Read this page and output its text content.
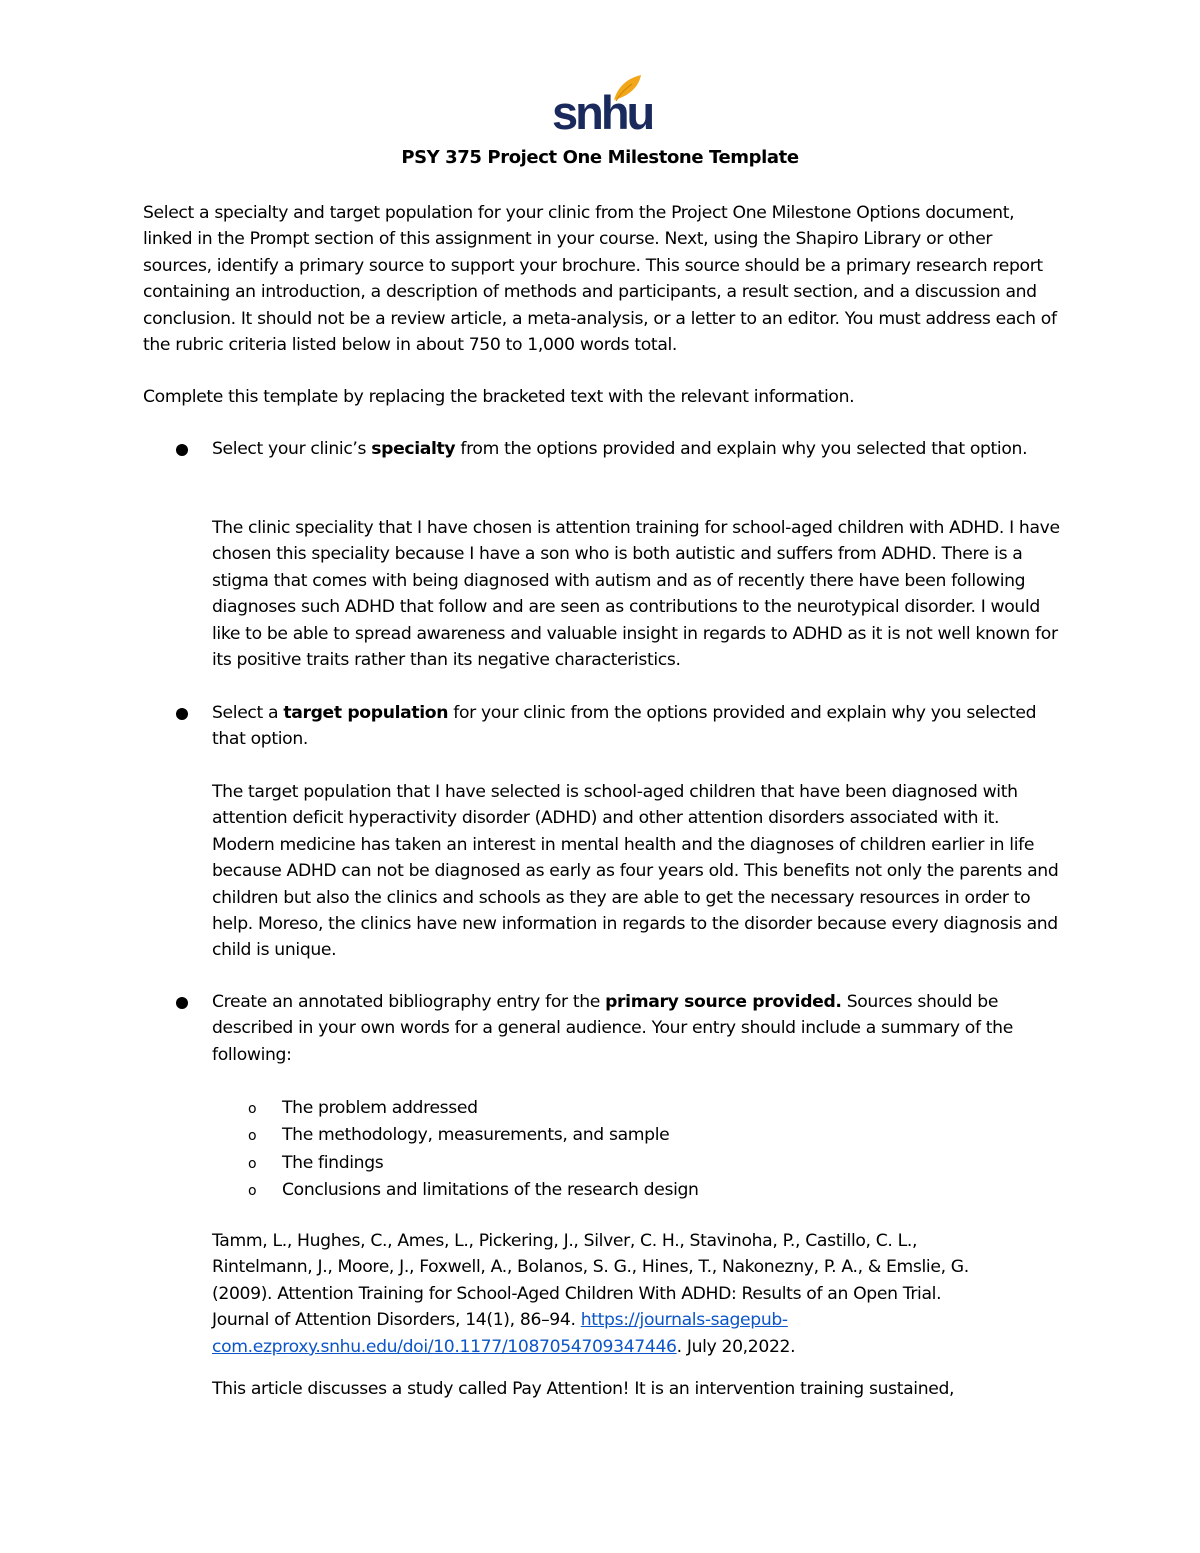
snhu
PSY 375 Project One Milestone Template

Select a specialty and target population for your clinic from the Project One Milestone Options document, linked in the Prompt section of this assignment in your course. Next, using the Shapiro Library or other sources, identify a primary source to support your brochure. This source should be a primary research report containing an introduction, a description of methods and participants, a result section, and a discussion and conclusion. It should not be a review article, a meta-analysis, or a letter to an editor. You must address each of the rubric criteria listed below in about 750 to 1,000 words total.

Complete this template by replacing the bracketed text with the relevant information.

Select your clinic’s specialty from the options provided and explain why you selected that option.

The clinic speciality that I have chosen is attention training for school-aged children with ADHD. I have chosen this speciality because I have a son who is both autistic and suffers from ADHD. There is a stigma that comes with being diagnosed with autism and as of recently there have been following diagnoses such ADHD that follow and are seen as contributions to the neurotypical disorder. I would like to be able to spread awareness and valuable insight in regards to ADHD as it is not well known for its positive traits rather than its negative characteristics.

Select a target population for your clinic from the options provided and explain why you selected that option.

The target population that I have selected is school-aged children that have been diagnosed with attention deficit hyperactivity disorder (ADHD) and other attention disorders associated with it. Modern medicine has taken an interest in mental health and the diagnoses of children earlier in life because ADHD can not be diagnosed as early as four years old. This benefits not only the parents and children but also the clinics and schools as they are able to get the necessary resources in order to help. Moreso, the clinics have new information in regards to the disorder because every diagnosis and child is unique.

Create an annotated bibliography entry for the primary source provided. Sources should be described in your own words for a general audience. Your entry should include a summary of the following:

o The problem addressed
o The methodology, measurements, and sample
o The findings
o Conclusions and limitations of the research design

Tamm, L., Hughes, C., Ames, L., Pickering, J., Silver, C. H., Stavinoha, P., Castillo, C. L., Rintelmann, J., Moore, J., Foxwell, A., Bolanos, S. G., Hines, T., Nakonezny, P. A., & Emslie, G. (2009). Attention Training for School-Aged Children With ADHD: Results of an Open Trial. Journal of Attention Disorders, 14(1), 86–94. https://journals-sagepub-com.ezproxy.snhu.edu/doi/10.1177/1087054709347446. July 20,2022.

This article discusses a study called Pay Attention! It is an intervention training sustained,
